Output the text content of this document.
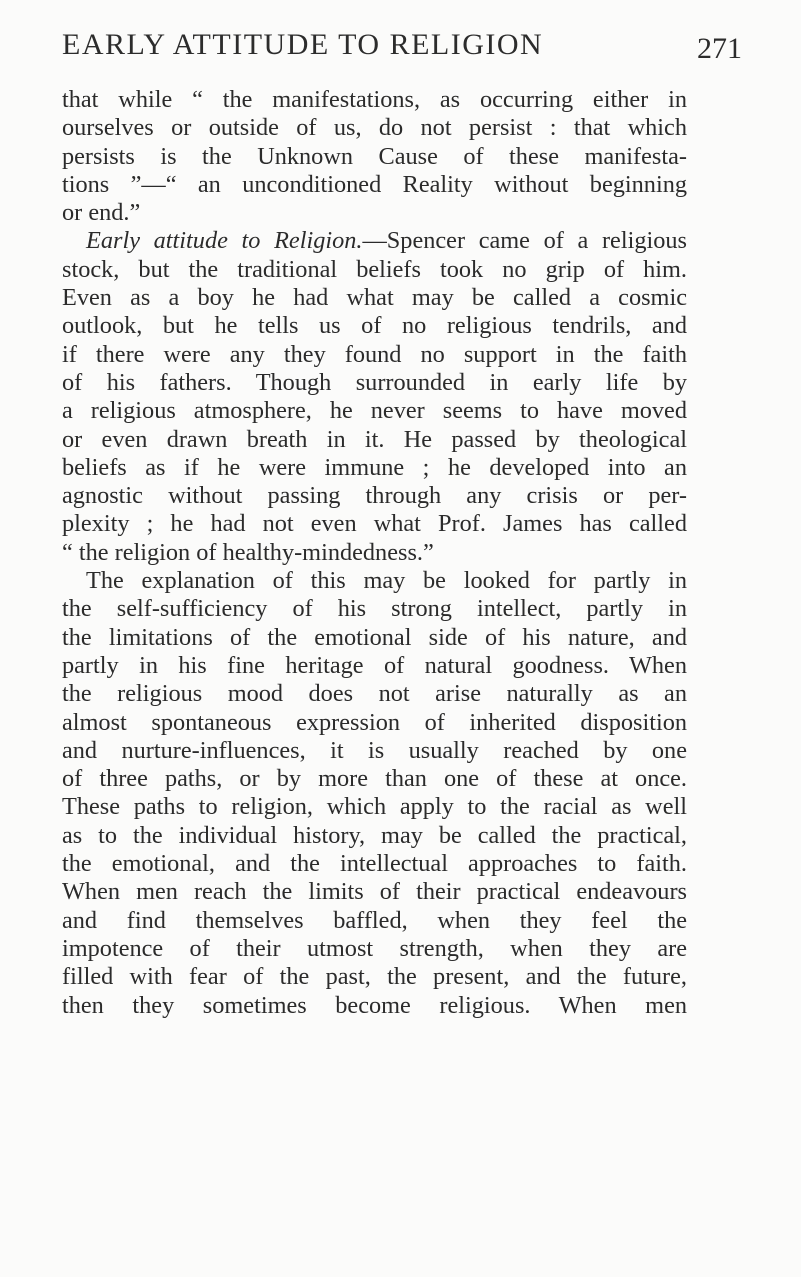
EARLY ATTITUDE TO RELIGION	271
that while “ the manifestations, as occurring either in
ourselves or outside of us, do not persist : that which
persists is the Unknown Cause of these manifesta-
tions ”—“ an unconditioned Reality without beginning
or end.”
Early attitude to Religion.—Spencer came of a religious
stock, but the traditional beliefs took no grip of him.
Even as a boy he had what may be called a cosmic
outlook, but he tells us of no religious tendrils, and
if there were any they found no support in the faith
of his fathers. Though surrounded in early life by
a religious atmosphere, he never seems to have moved
or even drawn breath in it. He passed by theological
beliefs as if he were immune ; he developed into an
agnostic without passing through any crisis or per-
plexity ; he had not even what Prof. James has called
“ the religion of healthy-mindedness.”
The explanation of this may be looked for partly in
the self-sufficiency of his strong intellect, partly in
the limitations of the emotional side of his nature, and
partly in his fine heritage of natural goodness. When
the religious mood does not arise naturally as an
almost spontaneous expression of inherited disposition
and nurture-influences, it is usually reached by one
of three paths, or by more than one of these at once.
These paths to religion, which apply to the racial as well
as to the individual history, may be called the practical,
the emotional, and the intellectual approaches to faith.
When men reach the limits of their practical endeavours
and find themselves baffled, when they feel the
impotence of their utmost strength, when they are
filled with fear of the past, the present, and the future,
then they sometimes become religious. When men
